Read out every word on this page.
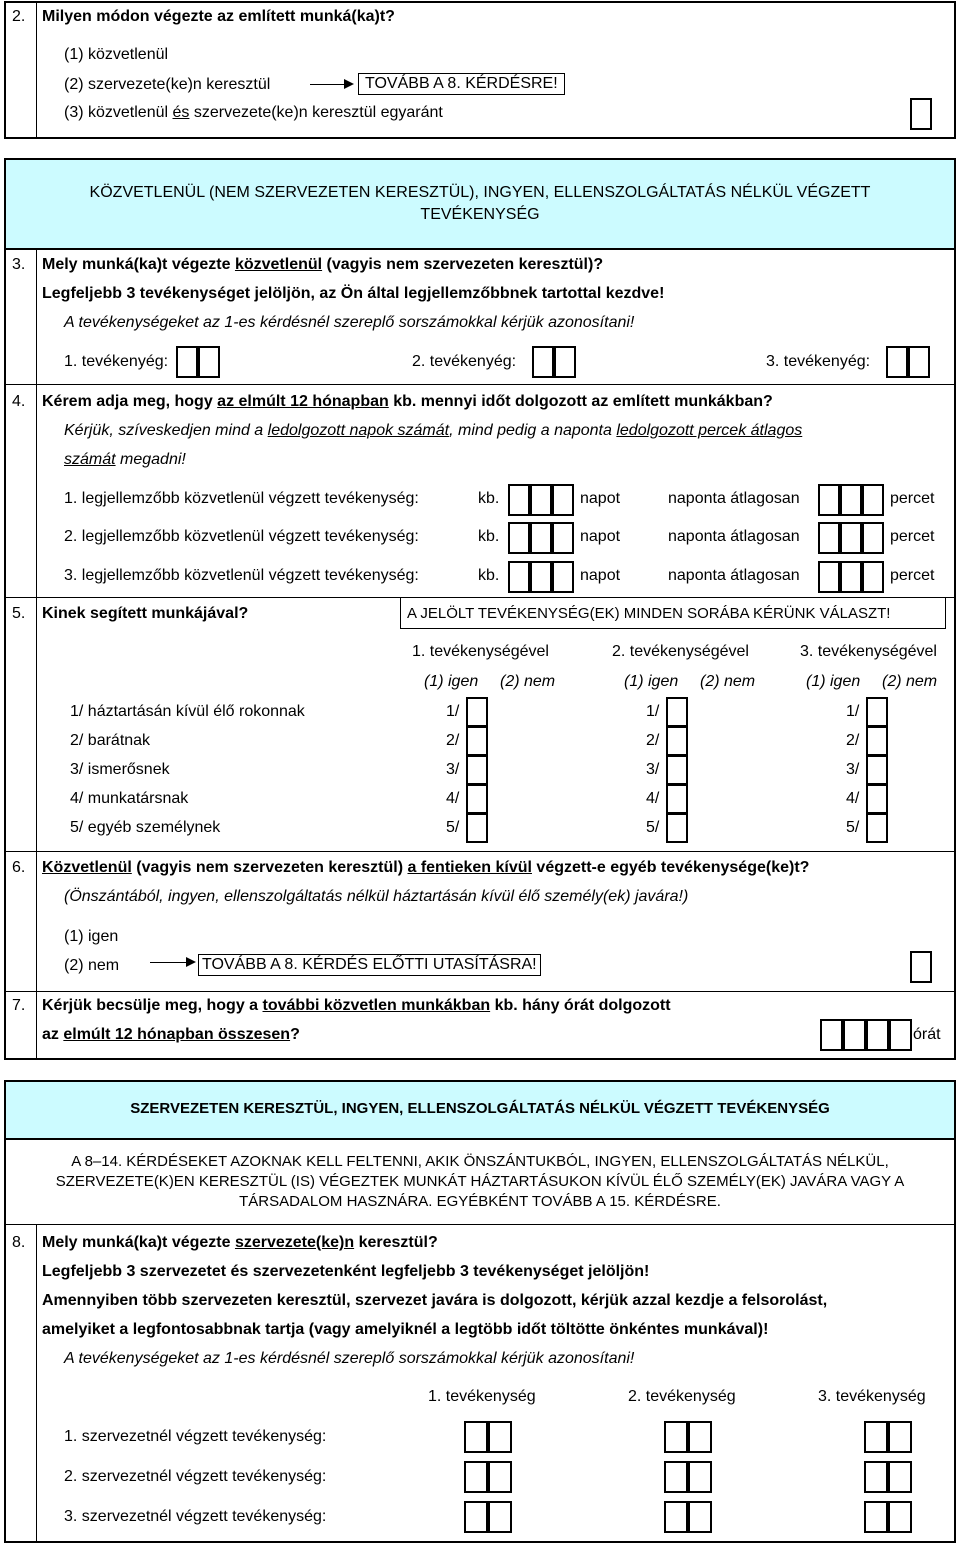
2. Milyen módon végezte az említett munká(ka)t?
(1) közvetlenül
(2) szervezete(ke)n keresztül	TOVÁBB A 8. KÉRDÉSRE!
(3) közvetlenül és szervezete(ke)n keresztül egyaránt
KÖZVETLENÜL (NEM SZERVEZETEN KERESZTÜL), INGYEN, ELLENSZOLGÁLTATÁS NÉLKÜL VÉGZETT
TEVÉKENYSÉG
3. Mely munká(ka)t végezte közvetlenül (vagyis nem szervezeten keresztül)?
Legfeljebb 3 tevékenységet jelöljön, az Ön által legjellemzőbbnek tartottal kezdve!
A tevékenységeket az 1-es kérdésnél szereplő sorszámokkal kérjük azonosítani!
1. tevékenyég:	2. tevékenyég:	3. tevékenyég:
4. Kérem adja meg, hogy az elmúlt 12 hónapban kb. mennyi időt dolgozott az említett munkákban?
Kérjük, szíveskedjen mind a ledolgozott napok számát, mind pedig a naponta ledolgozott percek átlagos
számát megadni!
1. legjellemzőbb közvetlenül végzett tevékenység:	kb.	napot	naponta átlagosan	percet
2. legjellemzőbb közvetlenül végzett tevékenység:	kb.	napot	naponta átlagosan	percet
3. legjellemzőbb közvetlenül végzett tevékenység:	kb.	napot	naponta átlagosan	percet
5. Kinek segített munkájával?	A JELÖLT TEVÉKENYSÉG(EK) MINDEN SORÁBA KÉRÜNK VÁLASZT!
1. tevékenységével	2. tevékenységével	3. tevékenységével
(1) igen (2) nem	(1) igen (2) nem	(1) igen (2) nem
1/ háztartásán kívül élő rokonnak	1/	1/	1/
2/ barátnak	2/	2/	2/
3/ ismerősnek	3/	3/	3/
4/ munkatársnak	4/	4/	4/
5/ egyéb személynek	5/	5/	5/
6. Közvetlenül (vagyis nem szervezeten keresztül) a fentieken kívül végzett-e egyéb tevékenysége(ke)t?
(Önszántából, ingyen, ellenszolgáltatás nélkül háztartásán kívül élő személy(ek) javára!)
(1) igen
(2) nem	TOVÁBB A 8. KÉRDÉS ELŐTTI UTASÍTÁSRA!
7. Kérjük becsülje meg, hogy a további közvetlen munkákban kb. hány órát dolgozott
az elmúlt 12 hónapban összesen?	órát
SZERVEZETEN KERESZTÜL, INGYEN, ELLENSZOLGÁLTATÁS NÉLKÜL VÉGZETT TEVÉKENYSÉG
A 8–14. KÉRDÉSEKET AZOKNAK KELL FELTENNI, AKIK ÖNSZÁNTUKBÓL, INGYEN, ELLENSZOLGÁLTATÁS NÉLKÜL,
SZERVEZETE(K)EN KERESZTÜL (IS) VÉGEZTEK MUNKÁT HÁZTARTÁSUKON KÍVÜL ÉLŐ SZEMÉLY(EK) JAVÁRA VAGY A
TÁRSADALOM HASZNÁRA. EGYÉBKÉNT TOVÁBB A 15. KÉRDÉSRE.
8. Mely munká(ka)t végezte szervezete(ke)n keresztül?
Legfeljebb 3 szervezetet és szervezetenként legfeljebb 3 tevékenységet jelöljön!
Amennyiben több szervezeten keresztül, szervezet javára is dolgozott, kérjük azzal kezdje a felsorolást,
amelyiket a legfontosabbnak tartja (vagy amelyiknél a legtöbb időt töltötte önkéntes munkával)!
A tevékenységeket az 1-es kérdésnél szereplő sorszámokkal kérjük azonosítani!
1. tevékenység	2. tevékenység	3. tevékenység
1. szervezetnél végzett tevékenység:
2. szervezetnél végzett tevékenység:
3. szervezetnél végzett tevékenység:
